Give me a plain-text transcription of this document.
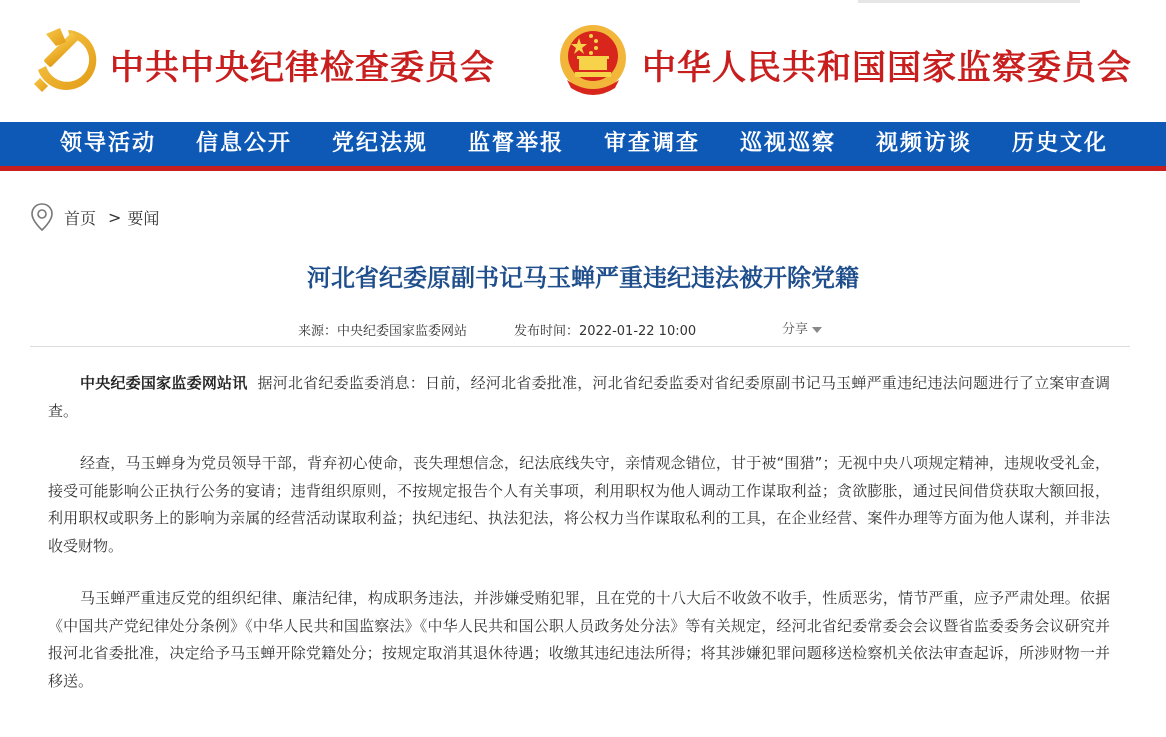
中共中央纪律检查委员会	中华人民共和国国家监察委员会
领导活动	信息公开	党纪法规	监督举报	审查调查	巡视巡察	视频访谈	历史文化
首页 > 要闻
河北省纪委原副书记马玉蝉严重违纪违法被开除党籍
来源：中央纪委国家监委网站	发布时间：2022-01-22 10:00	分享

中央纪委国家监委网站讯 据河北省纪委监委消息：日前，经河北省委批准，河北省纪委监委对省纪委原副书记马玉蝉严重违纪违法问题进行了立案审查调查。

经查，马玉蝉身为党员领导干部，背弃初心使命，丧失理想信念，纪法底线失守，亲情观念错位，甘于被“围猎”；无视中央八项规定精神，违规收受礼金，接受可能影响公正执行公务的宴请；违背组织原则，不按规定报告个人有关事项，利用职权为他人调动工作谋取利益；贪欲膨胀，通过民间借贷获取大额回报，利用职权或职务上的影响为亲属的经营活动谋取利益；执纪违纪、执法犯法，将公权力当作谋取私利的工具，在企业经营、案件办理等方面为他人谋利，并非法收受财物。

马玉蝉严重违反党的组织纪律、廉洁纪律，构成职务违法，并涉嫌受贿犯罪，且在党的十八大后不收敛不收手，性质恶劣，情节严重，应予严肃处理。依据《中国共产党纪律处分条例》《中华人民共和国监察法》《中华人民共和国公职人员政务处分法》等有关规定，经河北省纪委常委会会议暨省监委委务会议研究并报河北省委批准，决定给予马玉蝉开除党籍处分；按规定取消其退休待遇；收缴其违纪违法所得；将其涉嫌犯罪问题移送检察机关依法审查起诉，所涉财物一并移送。
